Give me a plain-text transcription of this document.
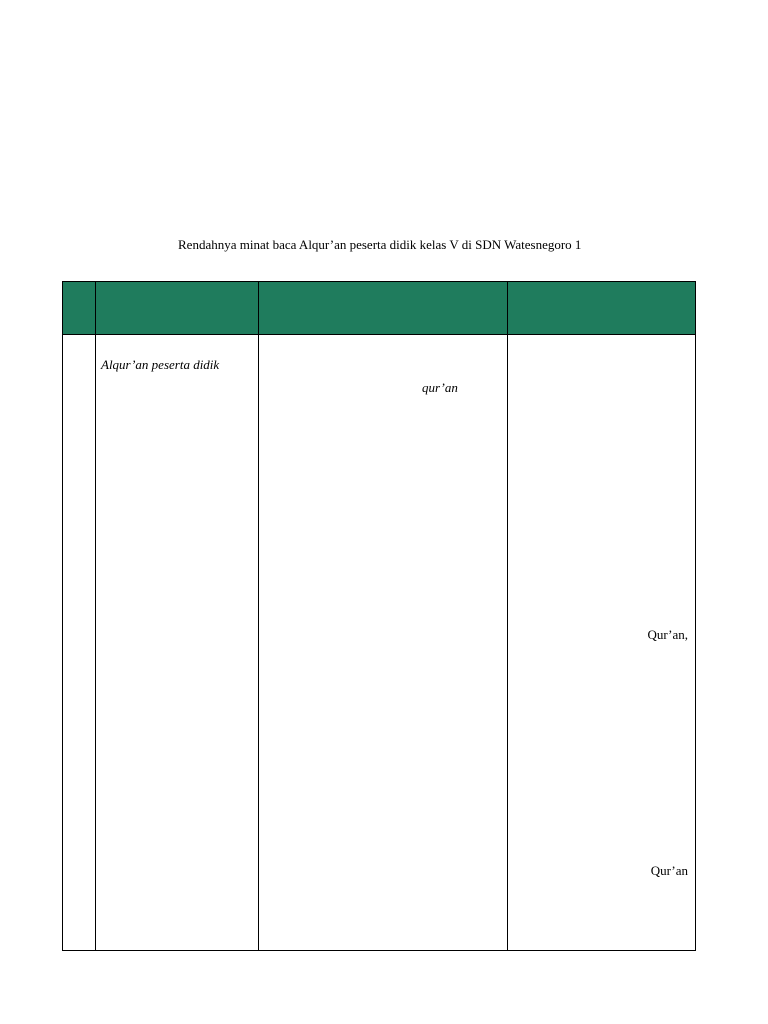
Rendahnya minat baca Alqur’an peserta didik kelas V di SDN Watesnegoro 1

	Alqur’an peserta didik	qur’an	Qur’an,
Qur’an
